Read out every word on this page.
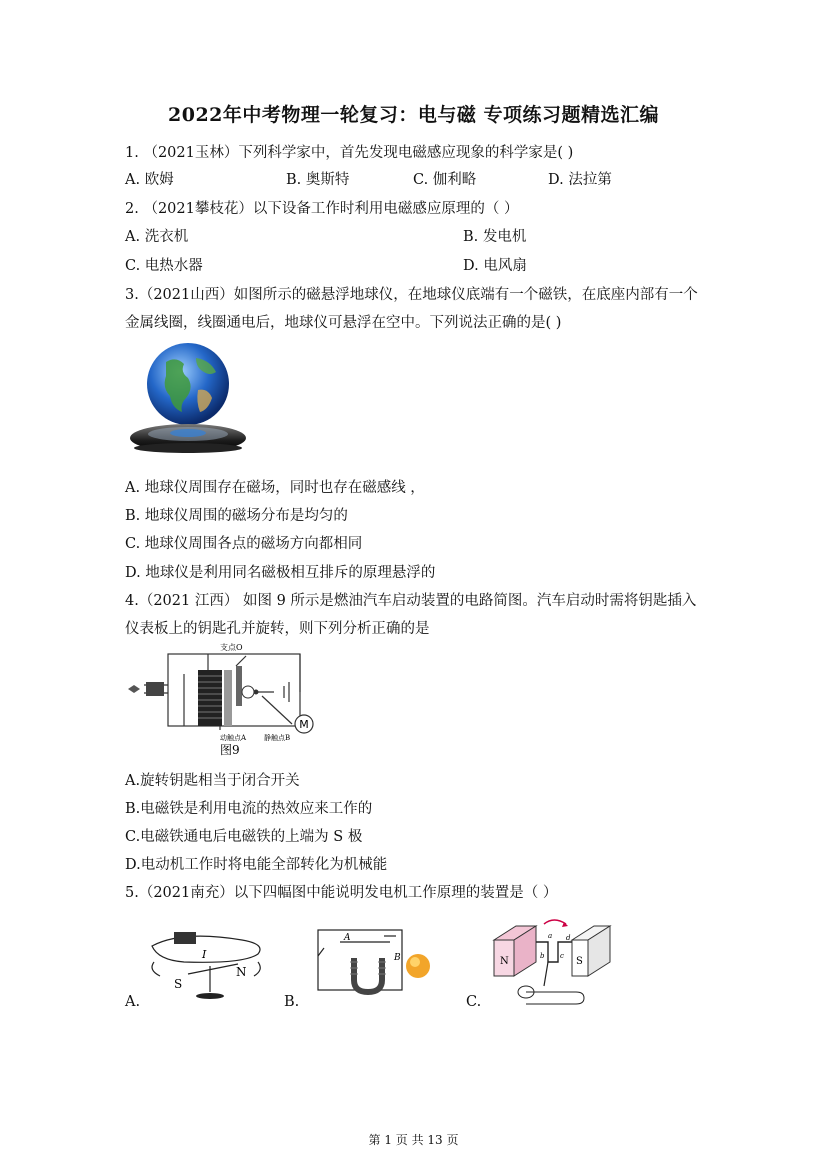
2022年中考物理一轮复习：电与磁 专项练习题精选汇编
1. （2021玉林）下列科学家中，首先发现电磁感应现象的科学家是( )
A. 欧姆	B. 奥斯特	C. 伽利略	D. 法拉第
2. （2021攀枝花）以下设备工作时利用电磁感应原理的（ ）
A. 洗衣机	B. 发电机
C. 电热水器	D. 电风扇
3.（2021山西）如图所示的磁悬浮地球仪，在地球仪底端有一个磁铁，在底座内部有一个
金属线圈，线圈通电后，地球仪可悬浮在空中。下列说法正确的是( )
A. 地球仪周围存在磁场，同时也存在磁感线 ，
B. 地球仪周围的磁场分布是均匀的
C. 地球仪周围各点的磁场方向都相同
D. 地球仪是利用同名磁极相互排斥的原理悬浮的
4.（2021 江西） 如图 9 所示是燃油汽车启动装置的电路简图。汽车启动时需将钥匙插入
仪表板上的钥匙孔并旋转，则下列分析正确的是
M
支点O
动触点A	静触点B
图9
A.旋转钥匙相当于闭合开关
B.电磁铁是利用电流的热效应来工作的
C.电磁铁通电后电磁铁的上端为 S 极
D.电动机工作时将电能全部转化为机械能
5.（2021南充）以下四幅图中能说明发电机工作原理的装置是（ ）
S
N
I
A.
A
B
B.
N	S
a
b c
d
C.
第 1 页 共 13 页
